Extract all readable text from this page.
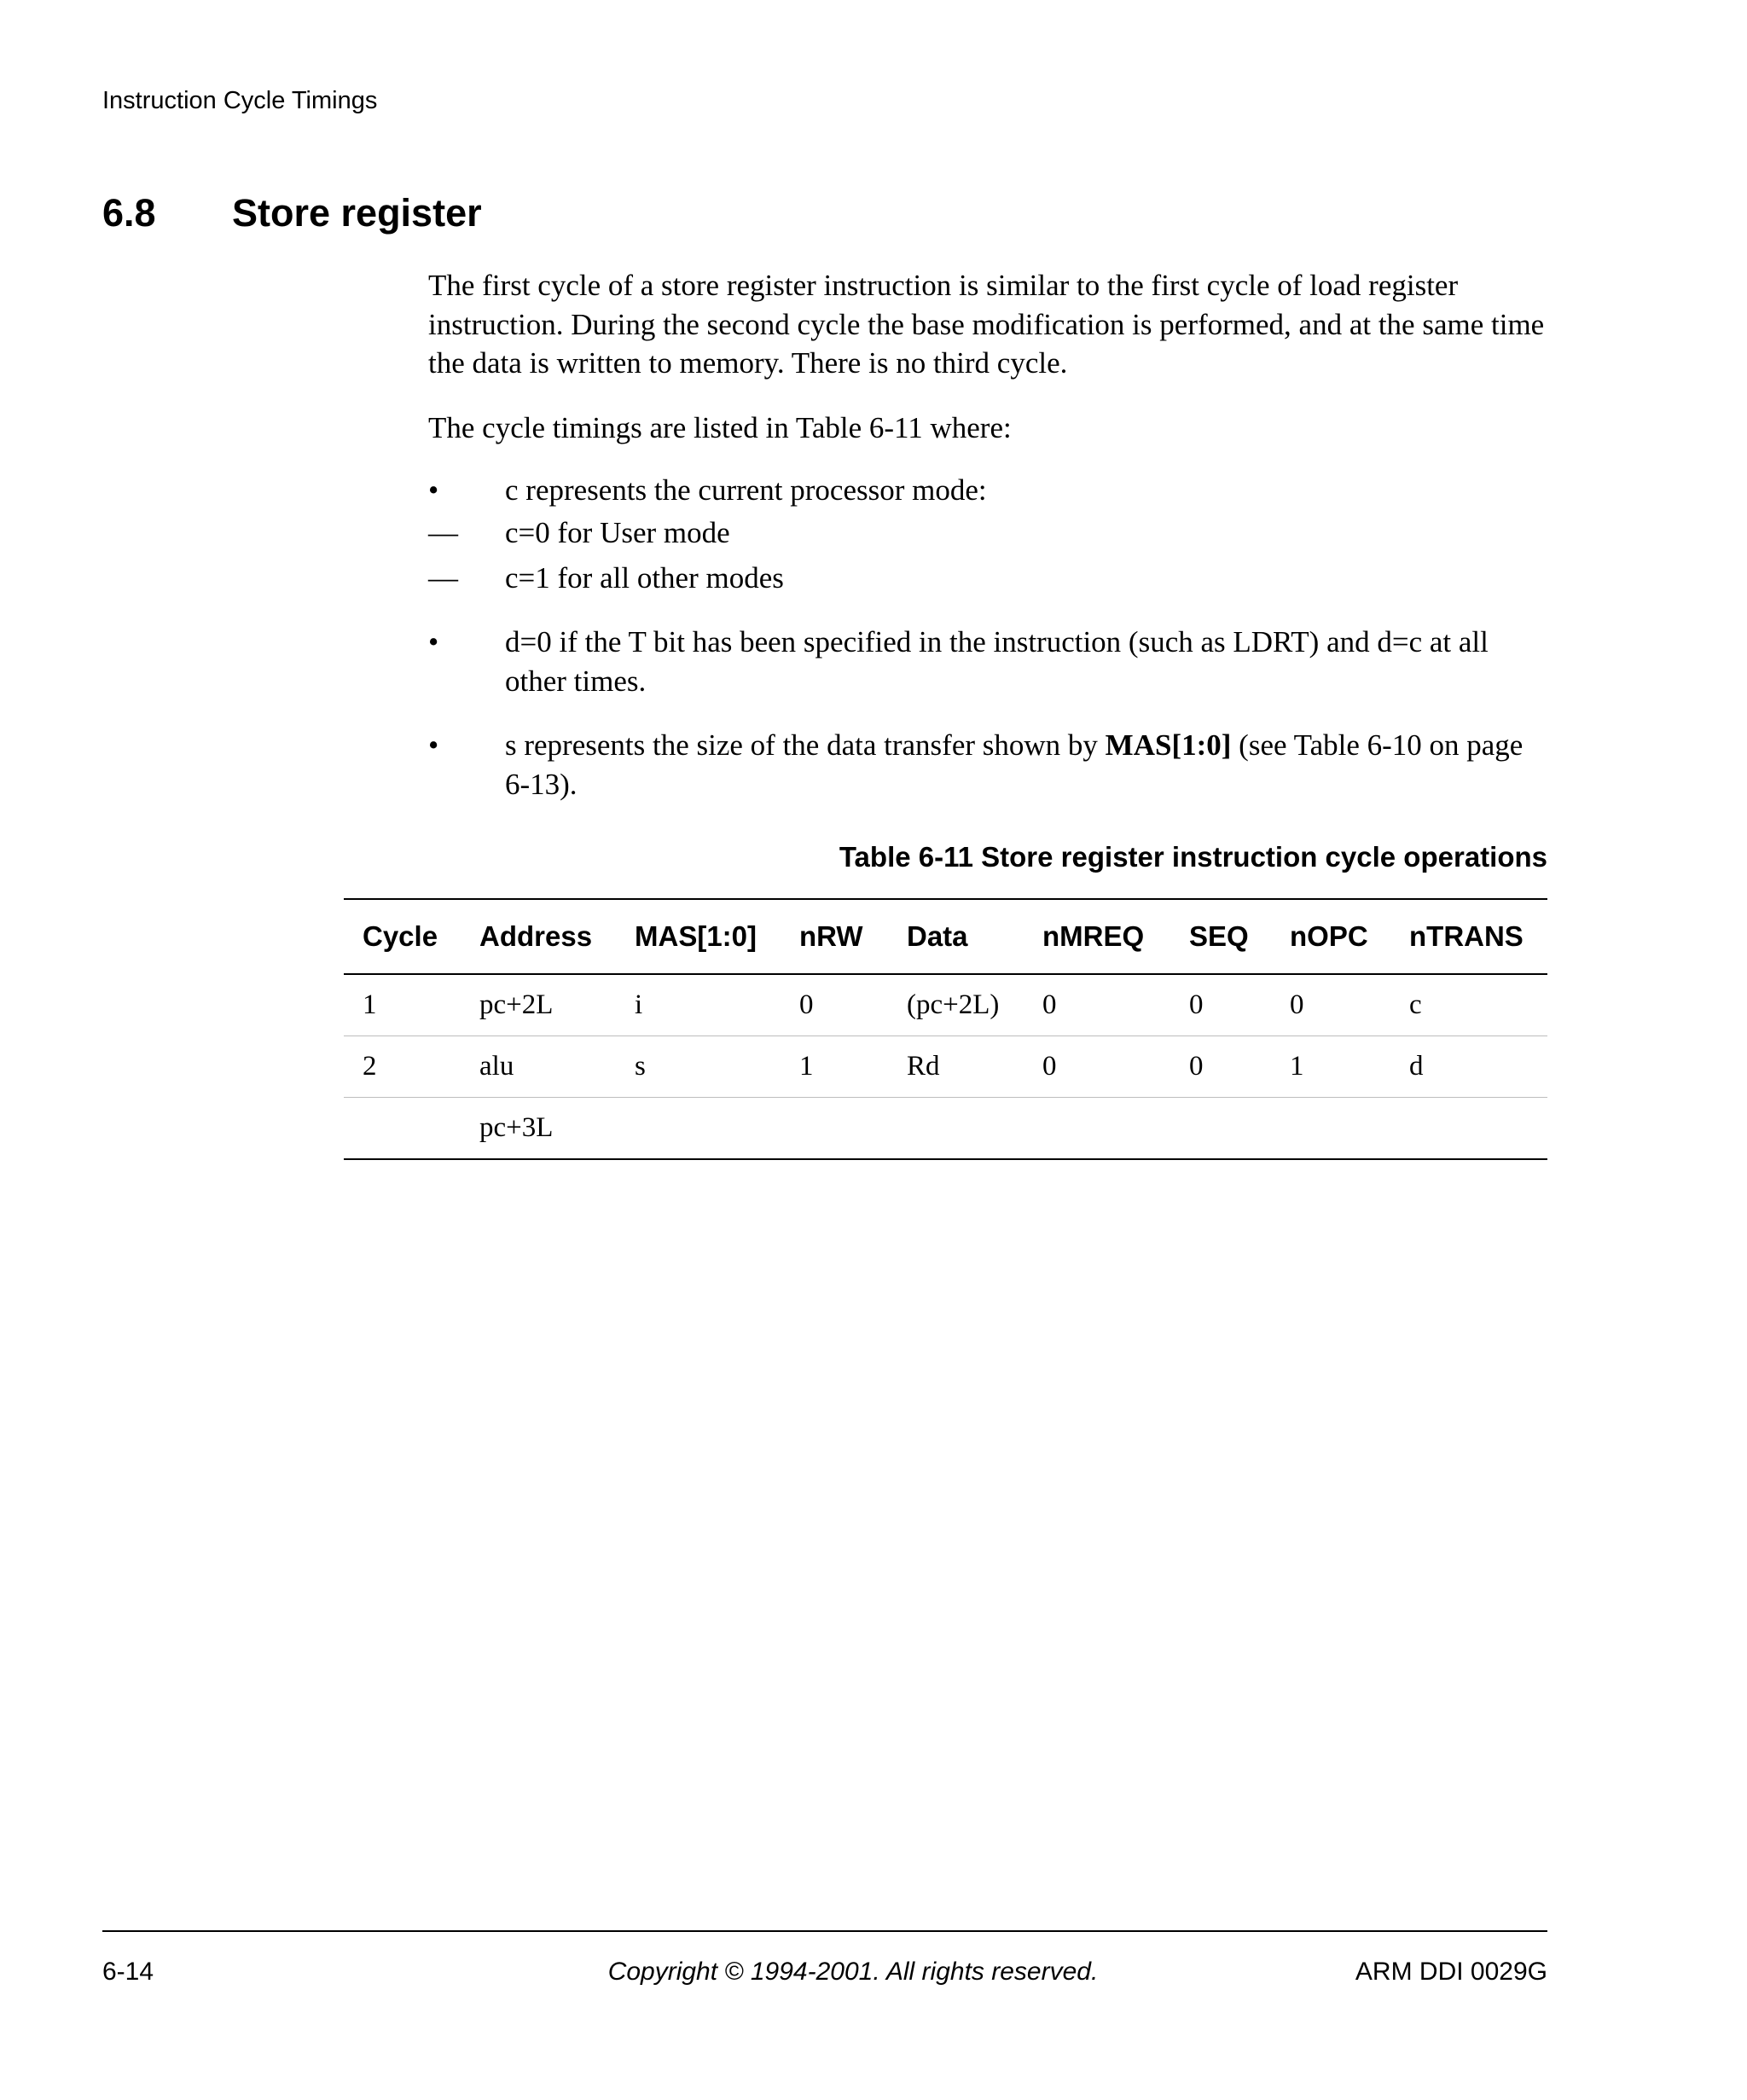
Instruction Cycle Timings
6.8 Store register

The first cycle of a store register instruction is similar to the first cycle of load register instruction. During the second cycle the base modification is performed, and at the same time the data is written to memory. There is no third cycle.

The cycle timings are listed in Table 6-11 where:

• c represents the current processor mode:
— c=0 for User mode
— c=1 for all other modes
• d=0 if the T bit has been specified in the instruction (such as LDRT) and d=c at all other times.
• s represents the size of the data transfer shown by MAS[1:0] (see Table 6-10 on page 6-13).
Table 6-11 Store register instruction cycle operations
Cycle	Address	MAS[1:0]	nRW	Data	nMREQ	SEQ	nOPC	nTRANS
1	pc+2L	i	0	(pc+2L)	0	0	0	c
2	alu	s	1	Rd	0	0	1	d
	pc+3L							
6-14	Copyright © 1994-2001. All rights reserved.	ARM DDI 0029G
